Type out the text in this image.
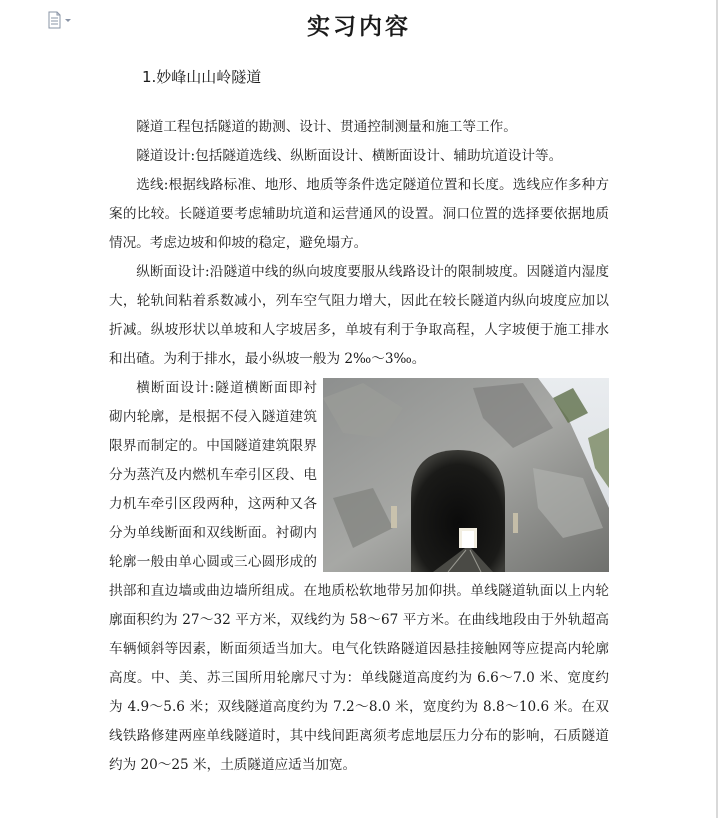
实习内容
1.妙峰山山岭隧道

隧道工程包括隧道的勘测、设计、贯通控制测量和施工等工作。

隧道设计:包括隧道选线、纵断面设计、横断面设计、辅助坑道设计等。

选线:根据线路标准、地形、地质等条件选定隧道位置和长度。选线应作多种方案的比较。长隧道要考虑辅助坑道和运营通风的设置。洞口位置的选择要依据地质情况。考虑边坡和仰坡的稳定，避免塌方。

纵断面设计:沿隧道中线的纵向坡度要服从线路设计的限制坡度。因隧道内湿度大，轮轨间粘着系数减小，列车空气阻力增大，因此在较长隧道内纵向坡度应加以折减。纵坡形状以单坡和人字坡居多，单坡有利于争取高程，人字坡便于施工排水和出碴。为利于排水，最小纵坡一般为 2‰～3‰。

横断面设计:隧道横断面即衬砌内轮廓，是根据不侵入隧道建筑限界而制定的。中国隧道建筑限界分为蒸汽及内燃机车牵引区段、电力机车牵引区段两种，这两种又各分为单线断面和双线断面。衬砌内轮廓一般由单心圆或三心圆形成的拱部和直边墙或曲边墙所组成。在地质松软地带另加仰拱。单线隧道轨面以上内轮廓面积约为 27～32 平方米，双线约为 58～67 平方米。在曲线地段由于外轨超高车辆倾斜等因素，断面须适当加大。电气化铁路隧道因悬挂接触网等应提高内轮廓高度。中、美、苏三国所用轮廓尺寸为：单线隧道高度约为 6.6～7.0 米、宽度约为 4.9～5.6 米；双线隧道高度约为 7.2～8.0 米，宽度约为 8.8～10.6 米。在双线铁路修建两座单线隧道时，其中线间距离须考虑地层压力分布的影响，石质隧道约为 20～25 米，土质隧道应适当加宽。
